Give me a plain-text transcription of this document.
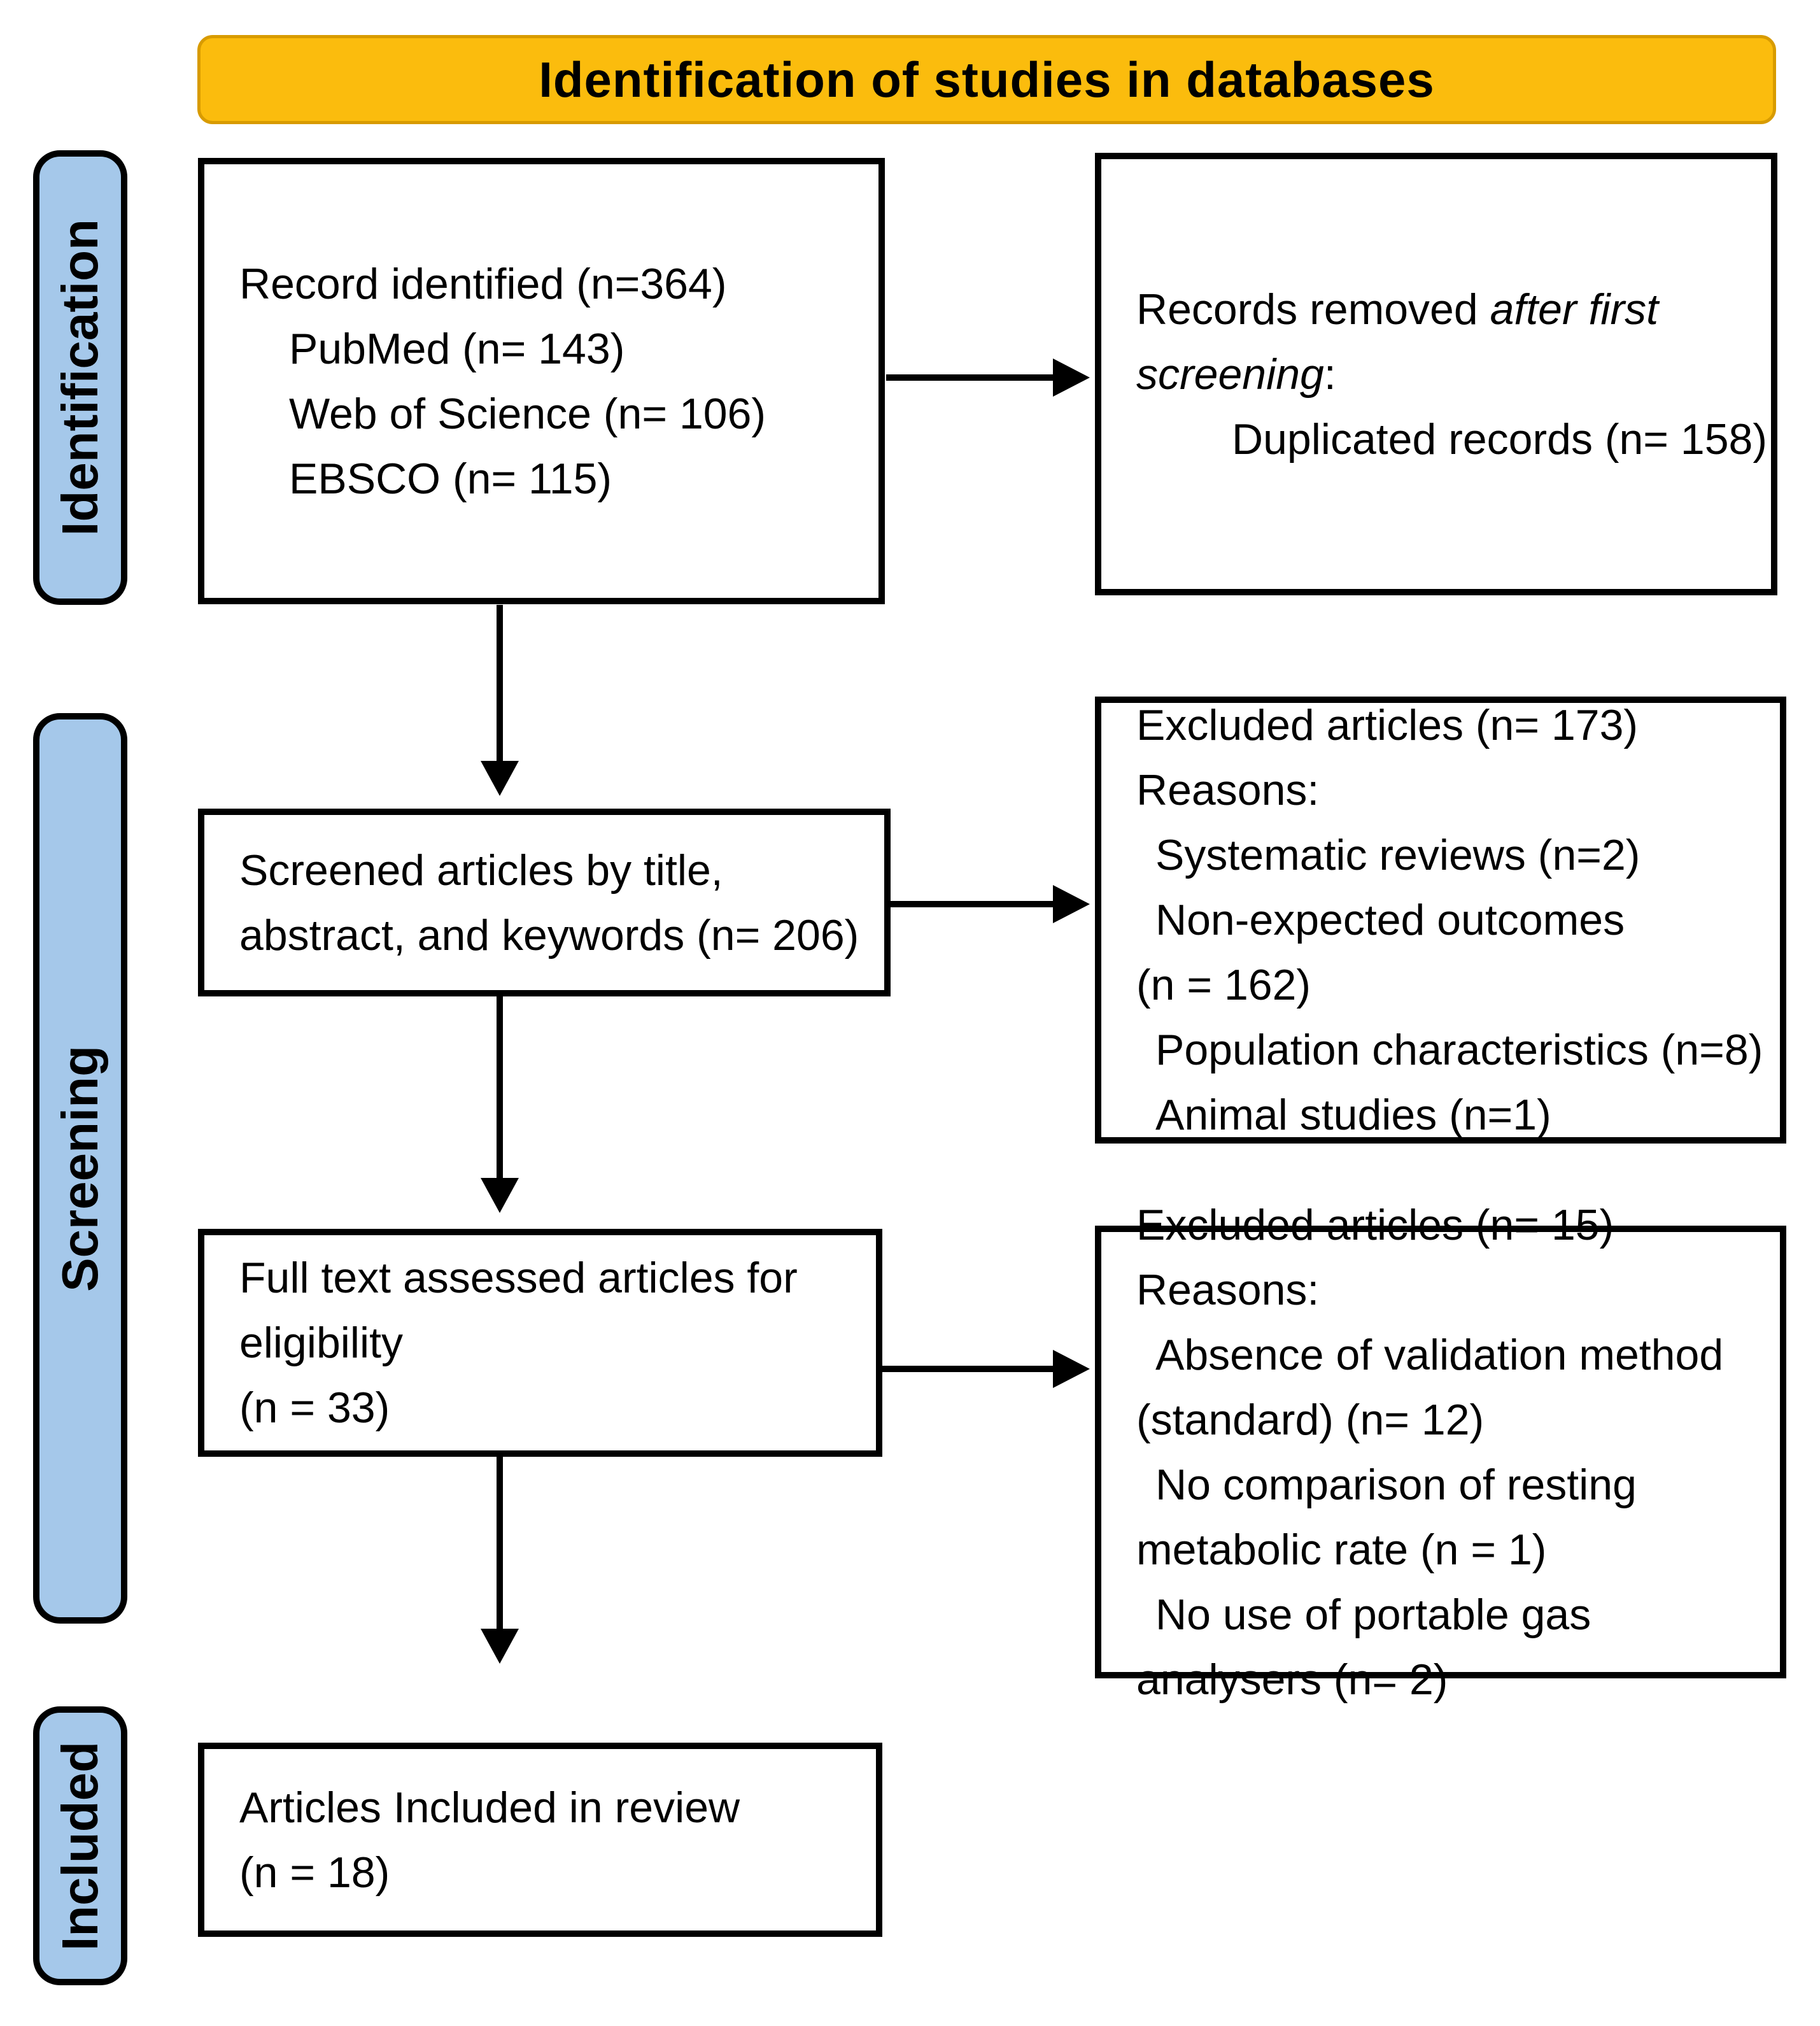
Identification of studies in databases
Identification
Screening
Included
Record identified (n=364)
PubMed (n= 143)
Web of Science (n= 106)
EBSCO (n= 115)
Records removed after first screening:
Duplicated records (n= 158)
Screened articles by title,
abstract, and keywords (n= 206)
Excluded articles (n= 173)
Reasons:
Systematic reviews (n=2)
Non-expected outcomes
(n = 162)
Population characteristics (n=8)
Animal studies (n=1)
Full text assessed articles for
eligibility
(n = 33)
Excluded articles (n= 15)
Reasons:
Absence of validation method
(standard) (n= 12)
No comparison of resting
metabolic rate (n = 1)
No use of portable gas
analysers (n= 2)
Articles Included in review
(n = 18)
